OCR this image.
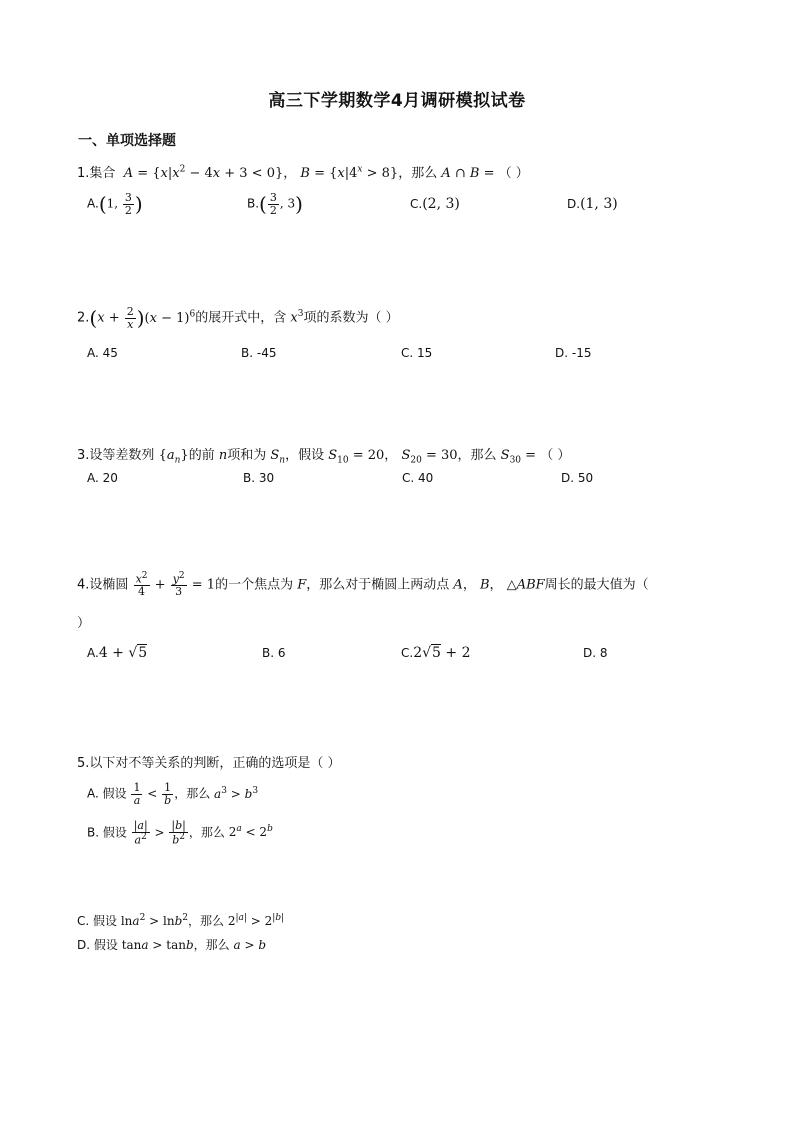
高三下学期数学4月调研模拟试卷
一、单项选择题
1.集合  $A = \{x|x^2 - 4x + 3 < 0\}$， $B = \{x|4^x > 8\}$，那么 A ∩ B = （ ）
A.(1, $\frac{3}{2}$ )	$B.( \frac{3}{2}$ , 3)	C.(2, 3)	D.(1, 3)
$2.(x + \frac{2}{x} )(x - 1)^6$的展开式中，含 $x^3$项的系数为（ ）
A. 45	B. -45	C. 15	D. -15
3.设等差数列 $\{a_n\}$的前 n项和为 $S_n$，假设 $S_{10} = 20$， $S_{20} = 30$，那么 $S_{30}$ = （ ）
A. 20	B. 30	C. 40	D. 50
4.设椭圆 $\frac{x^2}{4} + \frac{y^2}{3} = 1$的一个焦点为 F，那么对于椭圆上两动点 A， B， △ABF周长的最大值为（
）
A.4 + √5	B. 6	C.2√5 + 2	D. 8
5.以下对不等关系的判断，正确的选项是（ ）
A. 假设 $\frac{1}{a} < \frac{1}{b}$ ，那么 $a^3 > b^3$
B. 假设 $\frac{|a|}{a^2} > \frac{|b|}{b^2}$ ，那么 $2^a < 2^b$
C. 假设 lna$^2$ > lnb$^2$，那么 $2^{|a|} > 2^{|b|}$
D. 假设 tana > tanb，那么 a > b
